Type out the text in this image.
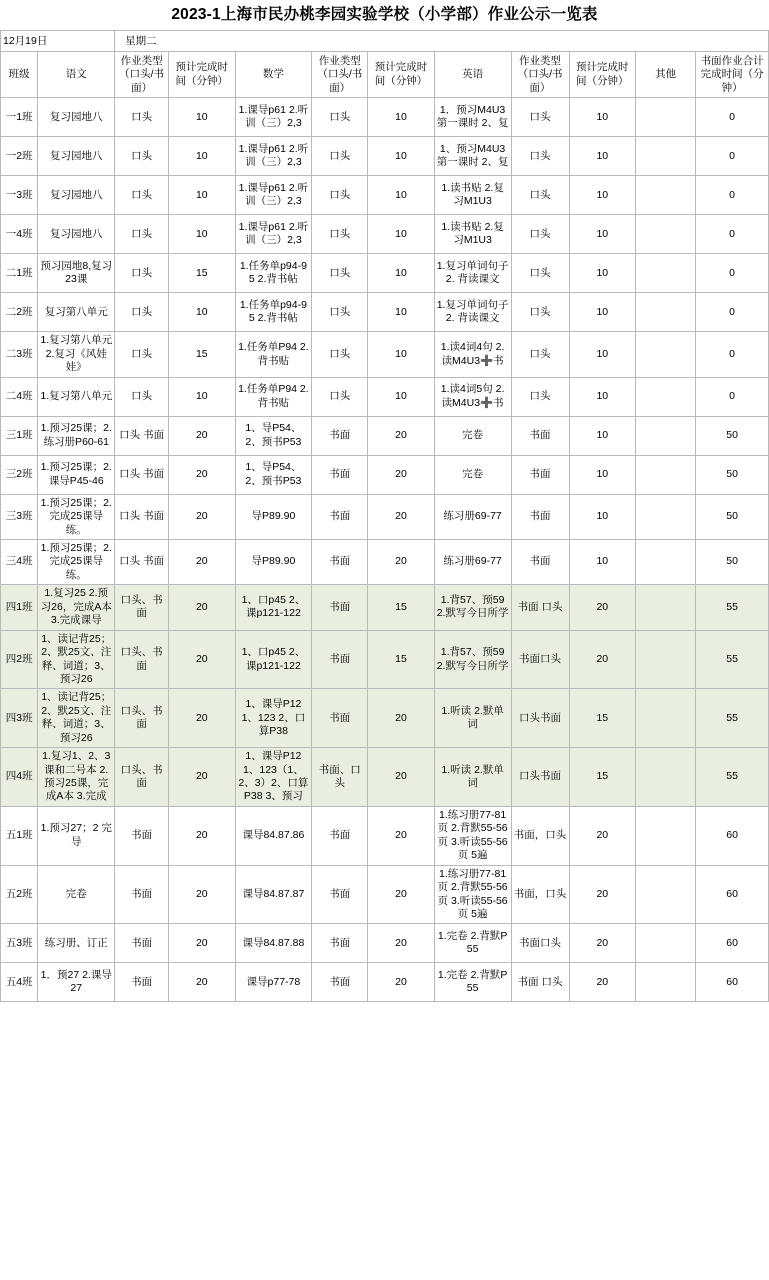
2023-1上海市民办桃李园实验学校（小学部）作业公示一览表
12月19日		星期二									
班级	语文	作业类型（口头/书面）	预计完成时间（分钟）	数学	作业类型（口头/书面）	预计完成时间（分钟）	英语	作业类型（口头/书面）	预计完成时间（分钟）	其他	书面作业合计完成时间（分钟）
一1班	复习园地八	口头	10	1.课导p61 2.听训（三）2,3	口头	10	1．预习M4U3 第一课时 2、复	口头	10		0
一2班	复习园地八	口头	10	1.课导p61 2.听训（三）2,3	口头	10	1、预习M4U3 第一课时 2、复	口头	10		0
一3班	复习园地八	口头	10	1.课导p61 2.听训（三）2,3	口头	10	1.读书贴 2.复习M1U3	口头	10		0
一4班	复习园地八	口头	10	1.课导p61 2.听训（三）2,3	口头	10	1.读书贴 2.复习M1U3	口头	10		0
二1班	预习园地8,复习23课	口头	15	1.任务单p94-95 2.背书帖	口头	10	1.复习单词句子 2. 背读课文	口头	10		0
二2班	复习第八单元	口头	10	1.任务单p94-95 2.背书帖	口头	10	1.复习单词句子 2. 背读课文	口头	10		0
二3班	1.复习第八单元2.复习《风娃娃》	口头	15	1.任务单P94 2.背书贴	口头	10	1.读4词4句 2.读M4U3➕书	口头	10		0
二4班	1.复习第八单元	口头	10	1.任务单P94 2.背书贴	口头	10	1.读4词5句 2.读M4U3➕书	口头	10		0
三1班	1.预习25课；2.练习册P60-61	口头 书面	20	1、导P54、2、预书P53	书面	20	完卷	书面	10		50
三2班	1.预习25课；2.课导P45-46	口头 书面	20	1、导P54、2、预书P53	书面	20	完卷	书面	10		50
三3班	1.预习25课；2.完成25课导练。	口头 书面	20	导P89.90	书面	20	练习册69-77	书面	10		50
三4班	1.预习25课；2.完成25课导练。	口头 书面	20	导P89.90	书面	20	练习册69-77	书面	10		50
四1班	1.复习25 2.预习26，完成A本 3.完成课导	口头、书面	20	1、口p45 2、课p121-122	书面	15	1.背57、预59 2.默写今日所学	书面 口头	20		55
四2班	1、读记背25；2、默25文、注释、词道；3、预习26	口头、书面	20	1、口p45 2、课p121-122	书面	15	1.背57、预59 2.默写今日所学	书面口头	20		55
四3班	1、读记背25；2、默25文、注释、词道；3、预习26	口头、书面	20	1、课导P121、123 2、口算P38	书面	20	1.听读 2.默单词	口头书面	15		55
四4班	1.复习1、2、3课和二号本 2.预习25课，完成A本 3.完成	口头、书面	20	1、课导P121、123（1、2、3）2、口算P38 3、预习	书面、口头	20	1.听读 2.默单词	口头书面	15		55
五1班	1.预习27；2 完导	书面	20	课导84.87.86	书面	20	1.练习册77-81页 2.背默55-56页 3.听读55-56页 5遍	书面，口头	20		60
五2班	完卷	书面	20	课导84.87.87	书面	20	1.练习册77-81页 2.背默55-56页 3.听读55-56页 5遍	书面，口头	20		60
五3班	练习册、订正	书面	20	课导84.87.88	书面	20	1.完卷 2.背默P55	书面口头	20		60
五4班	1．预27 2.课导27	书面	20	课导p77-78	书面	20	1.完卷 2.背默P55	书面 口头	20		60
